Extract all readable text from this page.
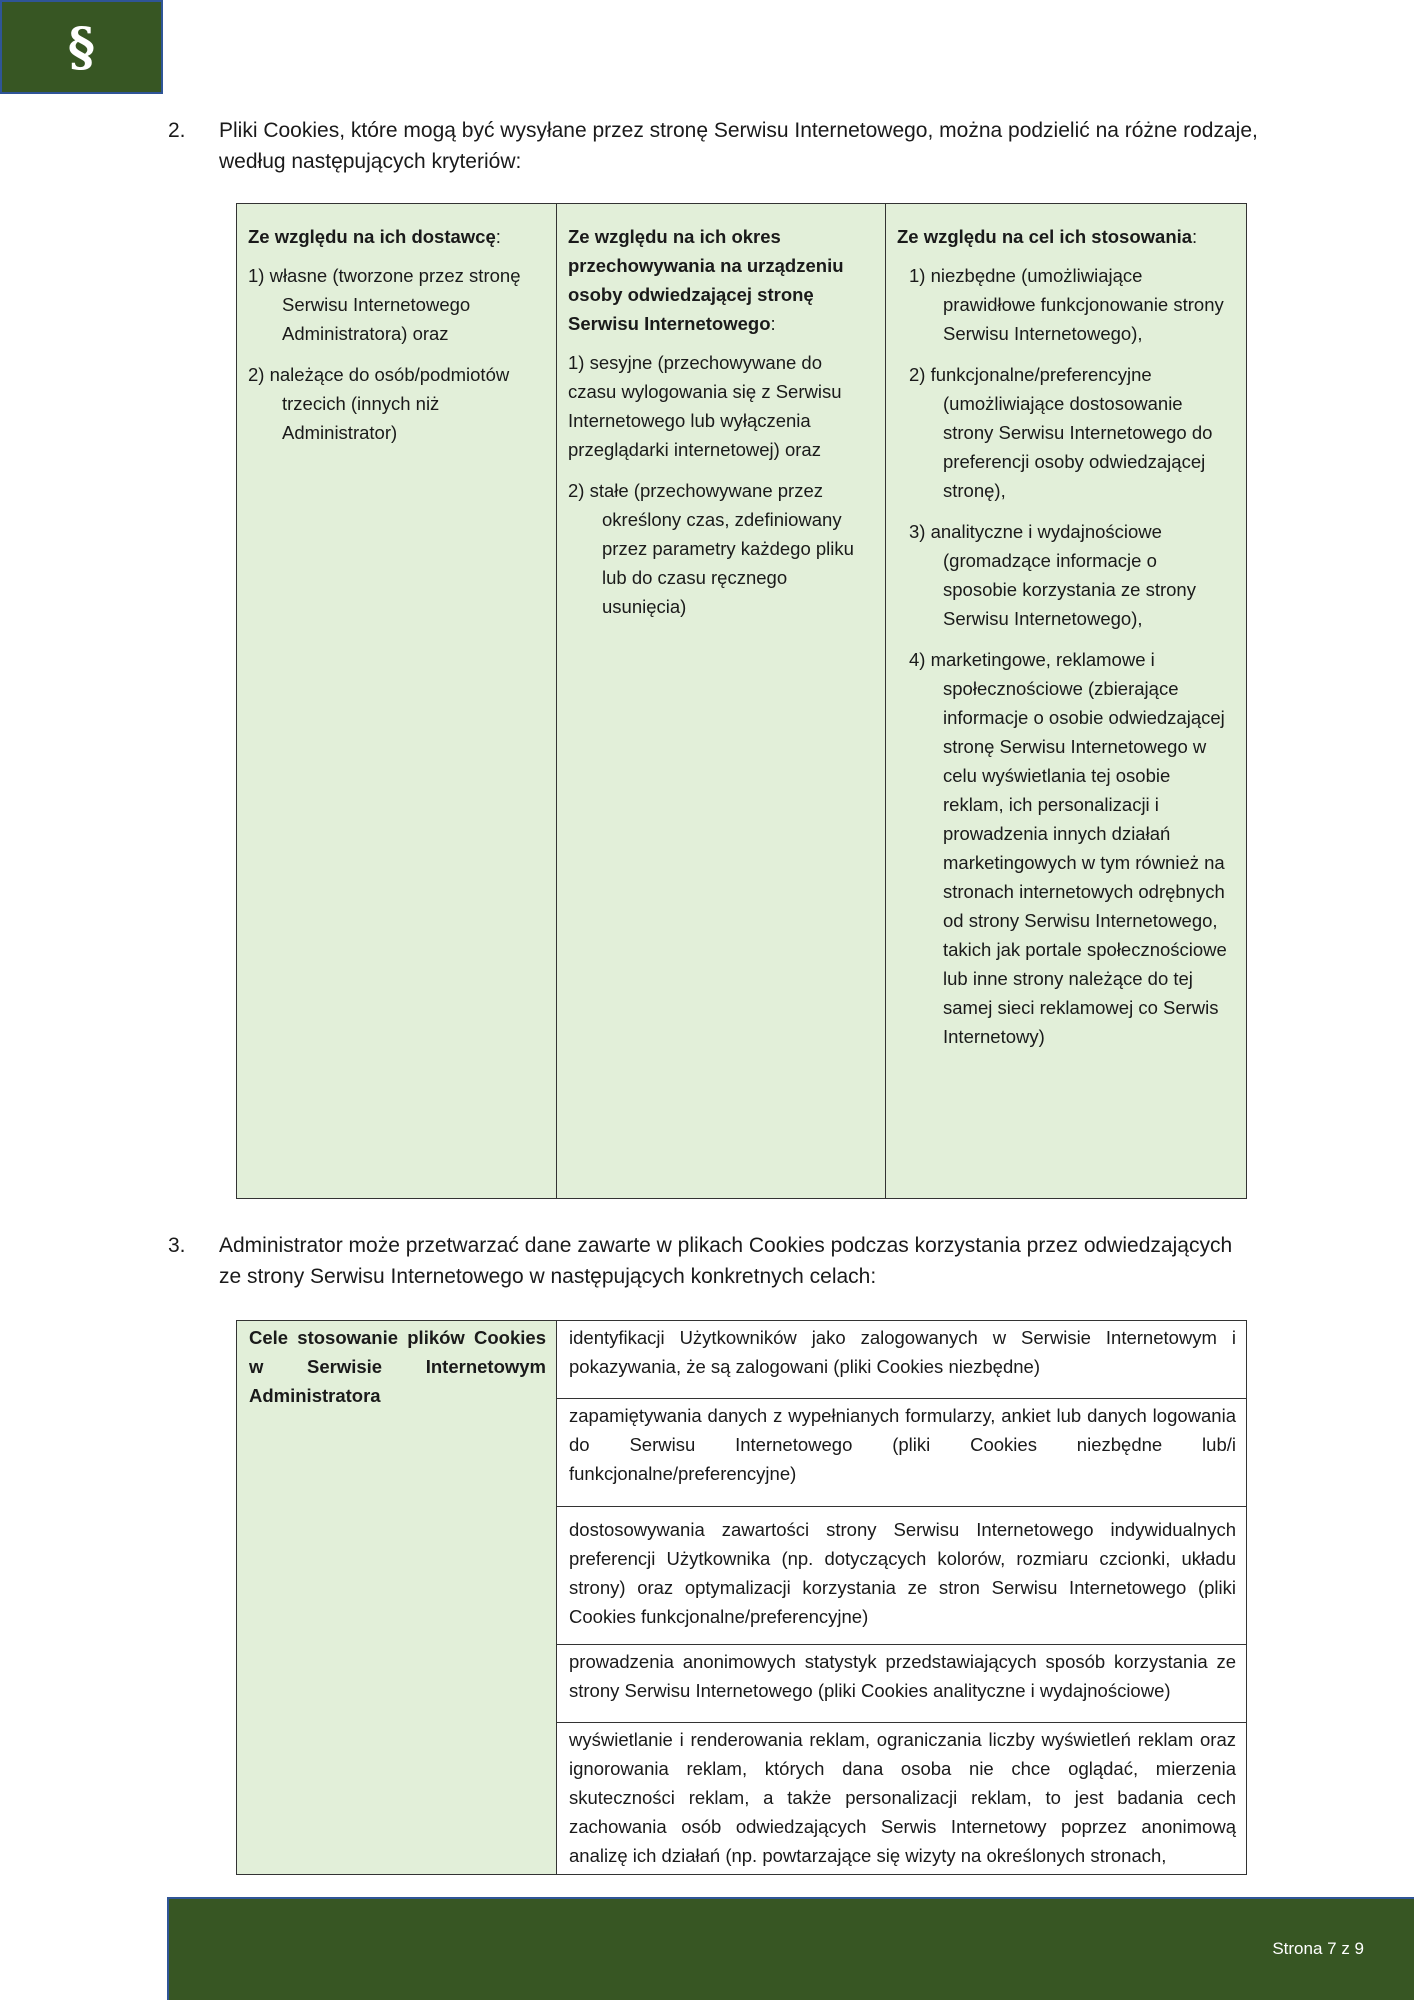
§
2. Pliki Cookies, które mogą być wysyłane przez stronę Serwisu Internetowego, można podzielić na różne rodzaje, według następujących kryteriów:
Ze względu na ich dostawcę:
1) własne (tworzone przez stronę Serwisu Internetowego Administratora) oraz
2) należące do osób/podmiotów trzecich (innych niż Administrator)

Ze względu na ich okres przechowywania na urządzeniu osoby odwiedzającej stronę Serwisu Internetowego:
1) sesyjne (przechowywane do czasu wylogowania się z Serwisu Internetowego lub wyłączenia przeglądarki internetowej) oraz
2) stałe (przechowywane przez określony czas, zdefiniowany przez parametry każdego pliku lub do czasu ręcznego usunięcia)

Ze względu na cel ich stosowania:
1) niezbędne (umożliwiające prawidłowe funkcjonowanie strony Serwisu Internetowego),
2) funkcjonalne/preferencyjne (umożliwiające dostosowanie strony Serwisu Internetowego do preferencji osoby odwiedzającej stronę),
3) analityczne i wydajnościowe (gromadzące informacje o sposobie korzystania ze strony Serwisu Internetowego),
4) marketingowe, reklamowe i społecznościowe (zbierające informacje o osobie odwiedzającej stronę Serwisu Internetowego w celu wyświetlania tej osobie reklam, ich personalizacji i prowadzenia innych działań marketingowych w tym również na stronach internetowych odrębnych od strony Serwisu Internetowego, takich jak portale społecznościowe lub inne strony należące do tej samej sieci reklamowej co Serwis Internetowy)
3. Administrator może przetwarzać dane zawarte w plikach Cookies podczas korzystania przez odwiedzających ze strony Serwisu Internetowego w następujących konkretnych celach:
Cele stosowanie plików Cookies w Serwisie Internetowym Administratora	identyfikacji Użytkowników jako zalogowanych w Serwisie Internetowym i pokazywania, że są zalogowani (pliki Cookies niezbędne)
zapamiętywania danych z wypełnianych formularzy, ankiet lub danych logowania do Serwisu Internetowego (pliki Cookies niezbędne lub/i funkcjonalne/preferencyjne)
dostosowywania zawartości strony Serwisu Internetowego indywidualnych preferencji Użytkownika (np. dotyczących kolorów, rozmiaru czcionki, układu strony) oraz optymalizacji korzystania ze stron Serwisu Internetowego (pliki Cookies funkcjonalne/preferencyjne)
prowadzenia anonimowych statystyk przedstawiających sposób korzystania ze strony Serwisu Internetowego (pliki Cookies analityczne i wydajnościowe)
wyświetlanie i renderowania reklam, ograniczania liczby wyświetleń reklam oraz ignorowania reklam, których dana osoba nie chce oglądać, mierzenia skuteczności reklam, a także personalizacji reklam, to jest badania cech zachowania osób odwiedzających Serwis Internetowy poprzez anonimową analizę ich działań (np. powtarzające się wizyty na określonych stronach,
Strona 7 z 9
